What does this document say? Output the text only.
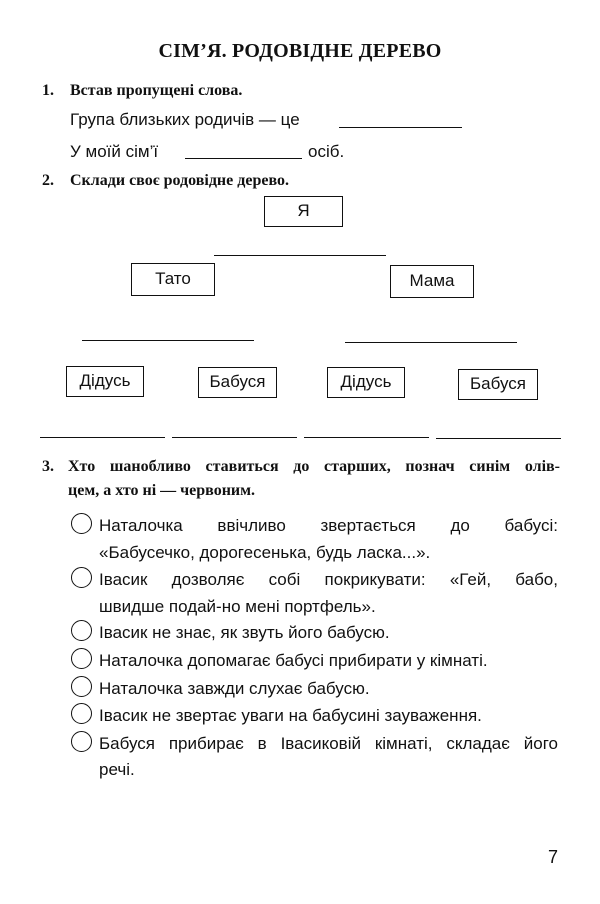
СІМ’Я. РОДОВІДНЕ ДЕРЕВО
1. Встав пропущені слова.
Група близьких родичів — це
У моїй сім’ї	осіб.
2. Склади своє родовідне дерево.
Я
Тато	Мама
Дідусь	Бабуся	Дідусь	Бабуся
3. Хто шанобливо ставиться до старших, познач синім олів-
цем, а хто ні — червоним.
Наталочка ввічливо звертається до бабусі:
«Бабусечко, дорогесенька, будь ласка...».
Івасик дозволяє собі покрикувати: «Гей, бабо,
швидше подай-но мені портфель».
Івасик не знає, як звуть його бабусю.
Наталочка допомагає бабусі прибирати у кімнаті.
Наталочка завжди слухає бабусю.
Івасик не звертає уваги на бабусині зауваження.
Бабуся прибирає в Івасиковій кімнаті, складає його
речі.
7
